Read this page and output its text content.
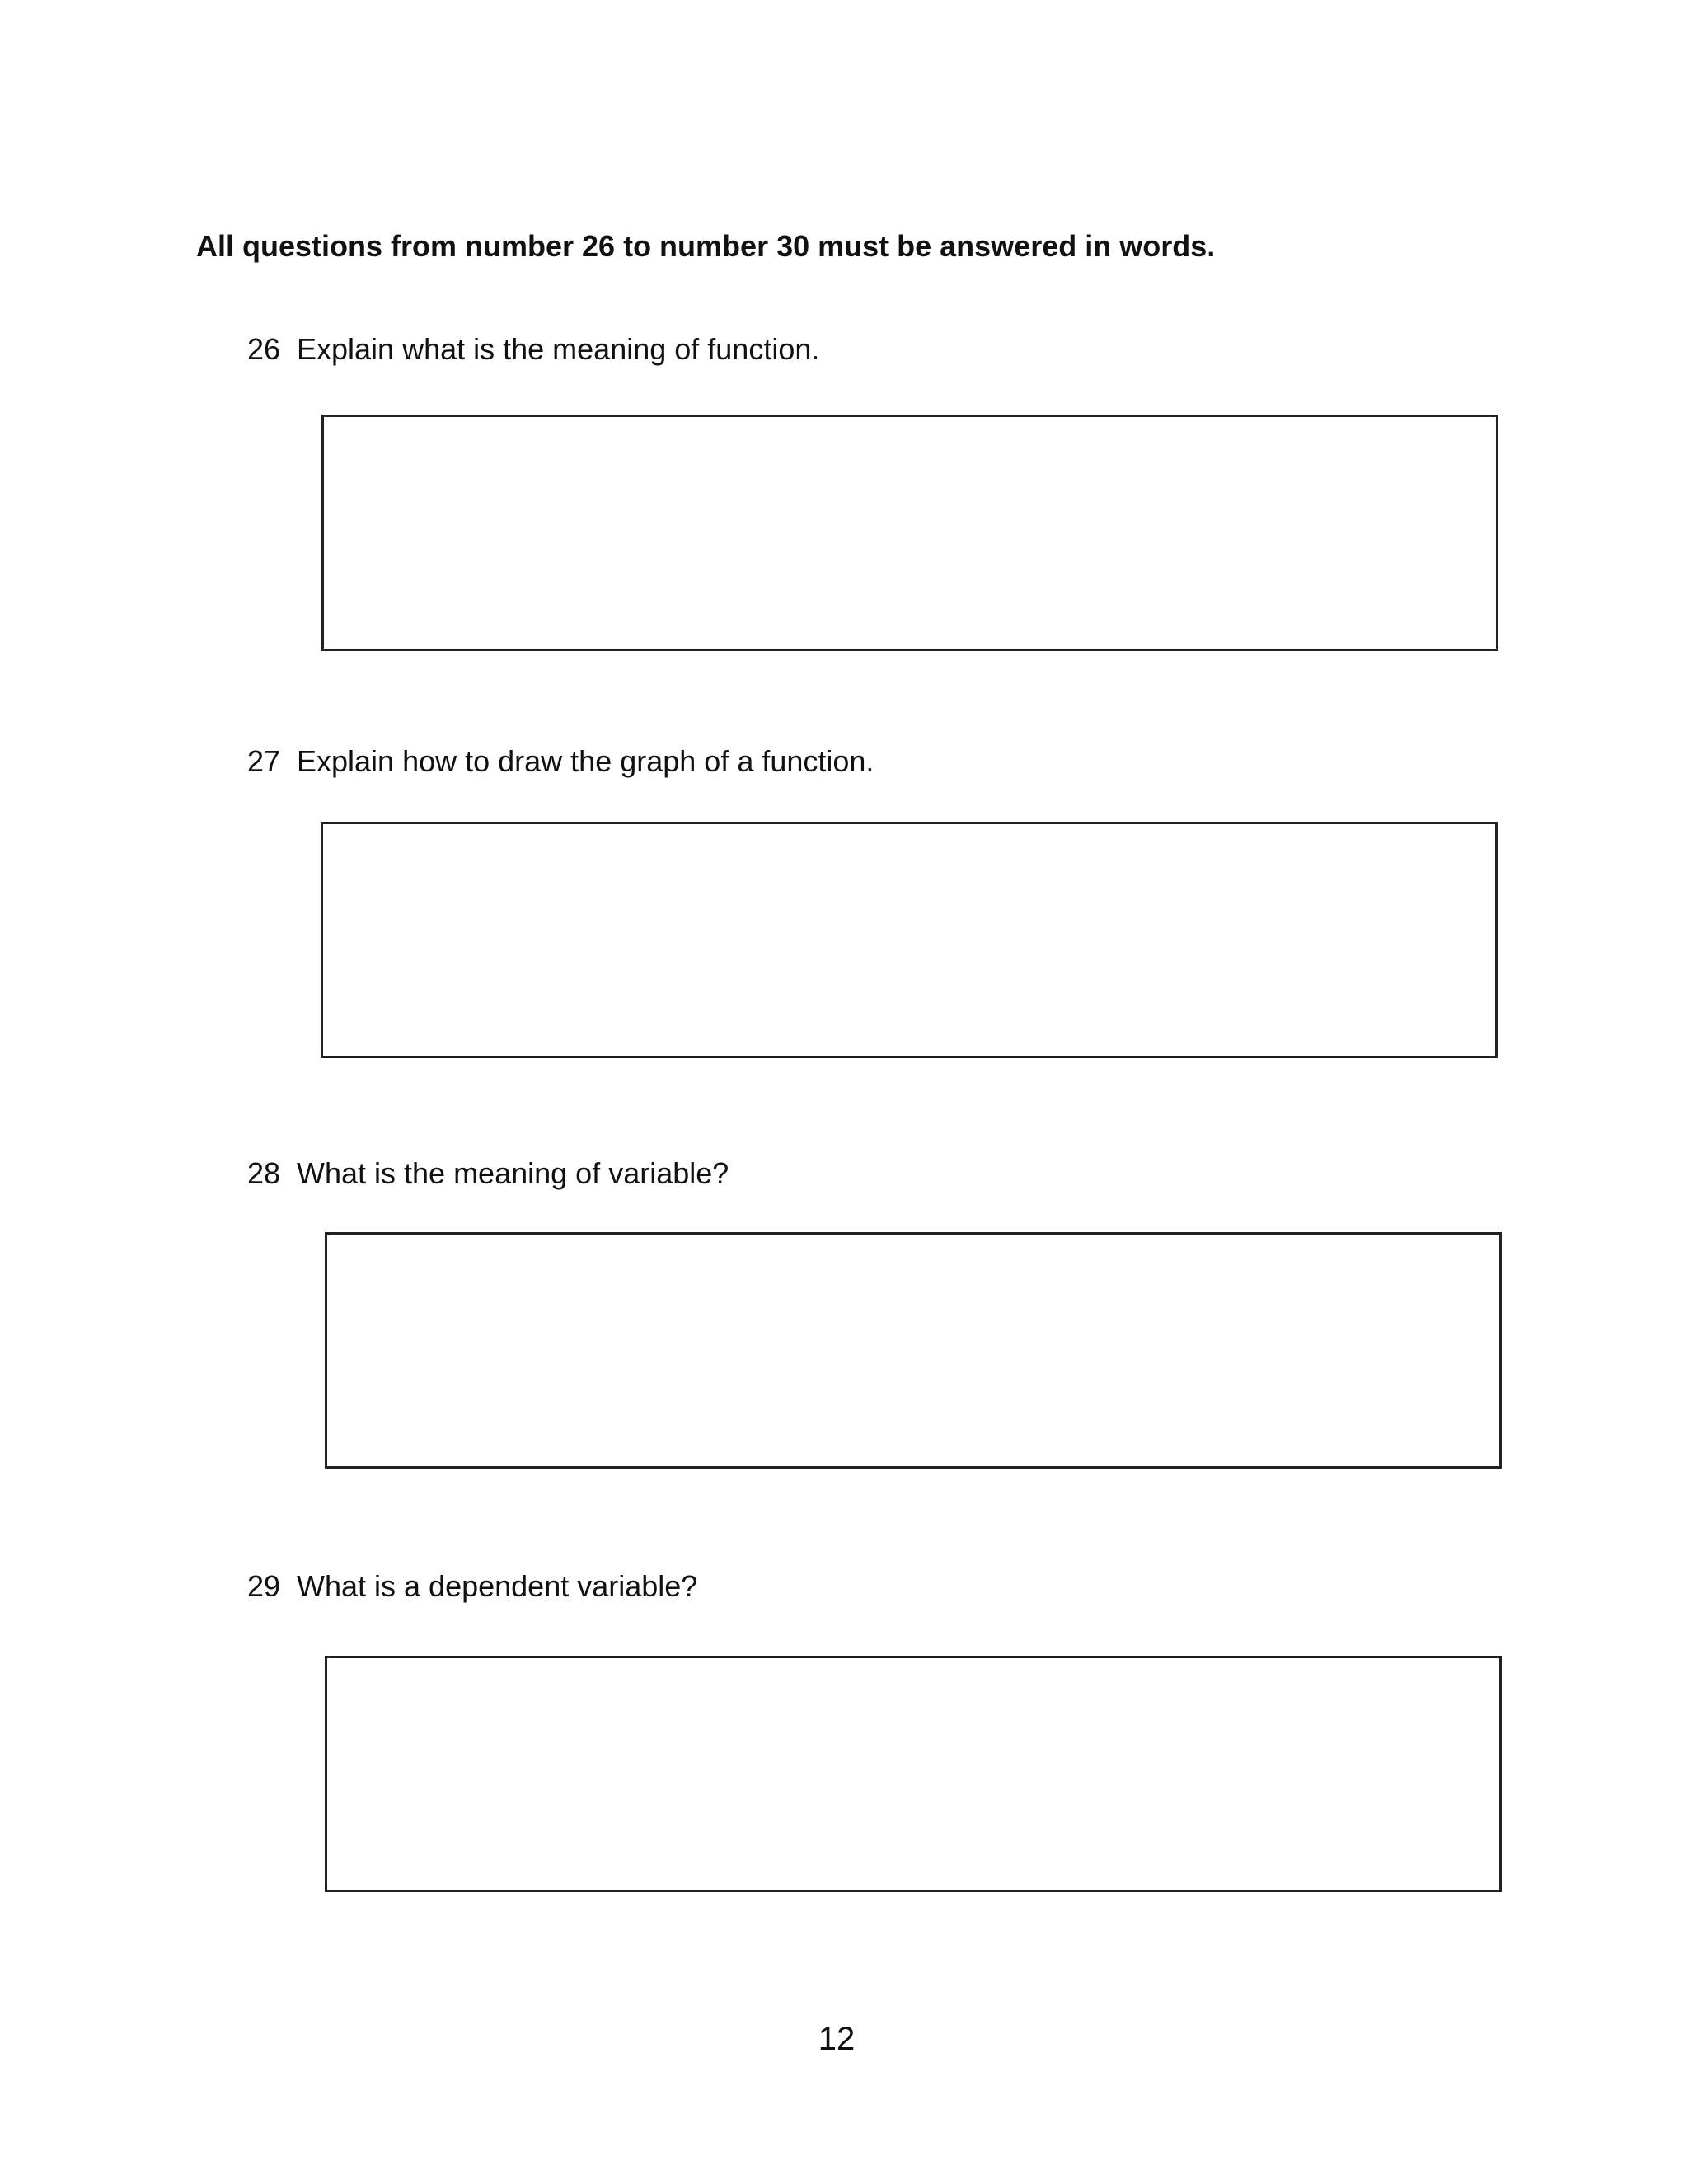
All questions from number 26 to number 30 must be answered in words.
26 Explain what is the meaning of function.
27 Explain how to draw the graph of a function.
28 What is the meaning of variable?
29 What is a dependent variable?
12
